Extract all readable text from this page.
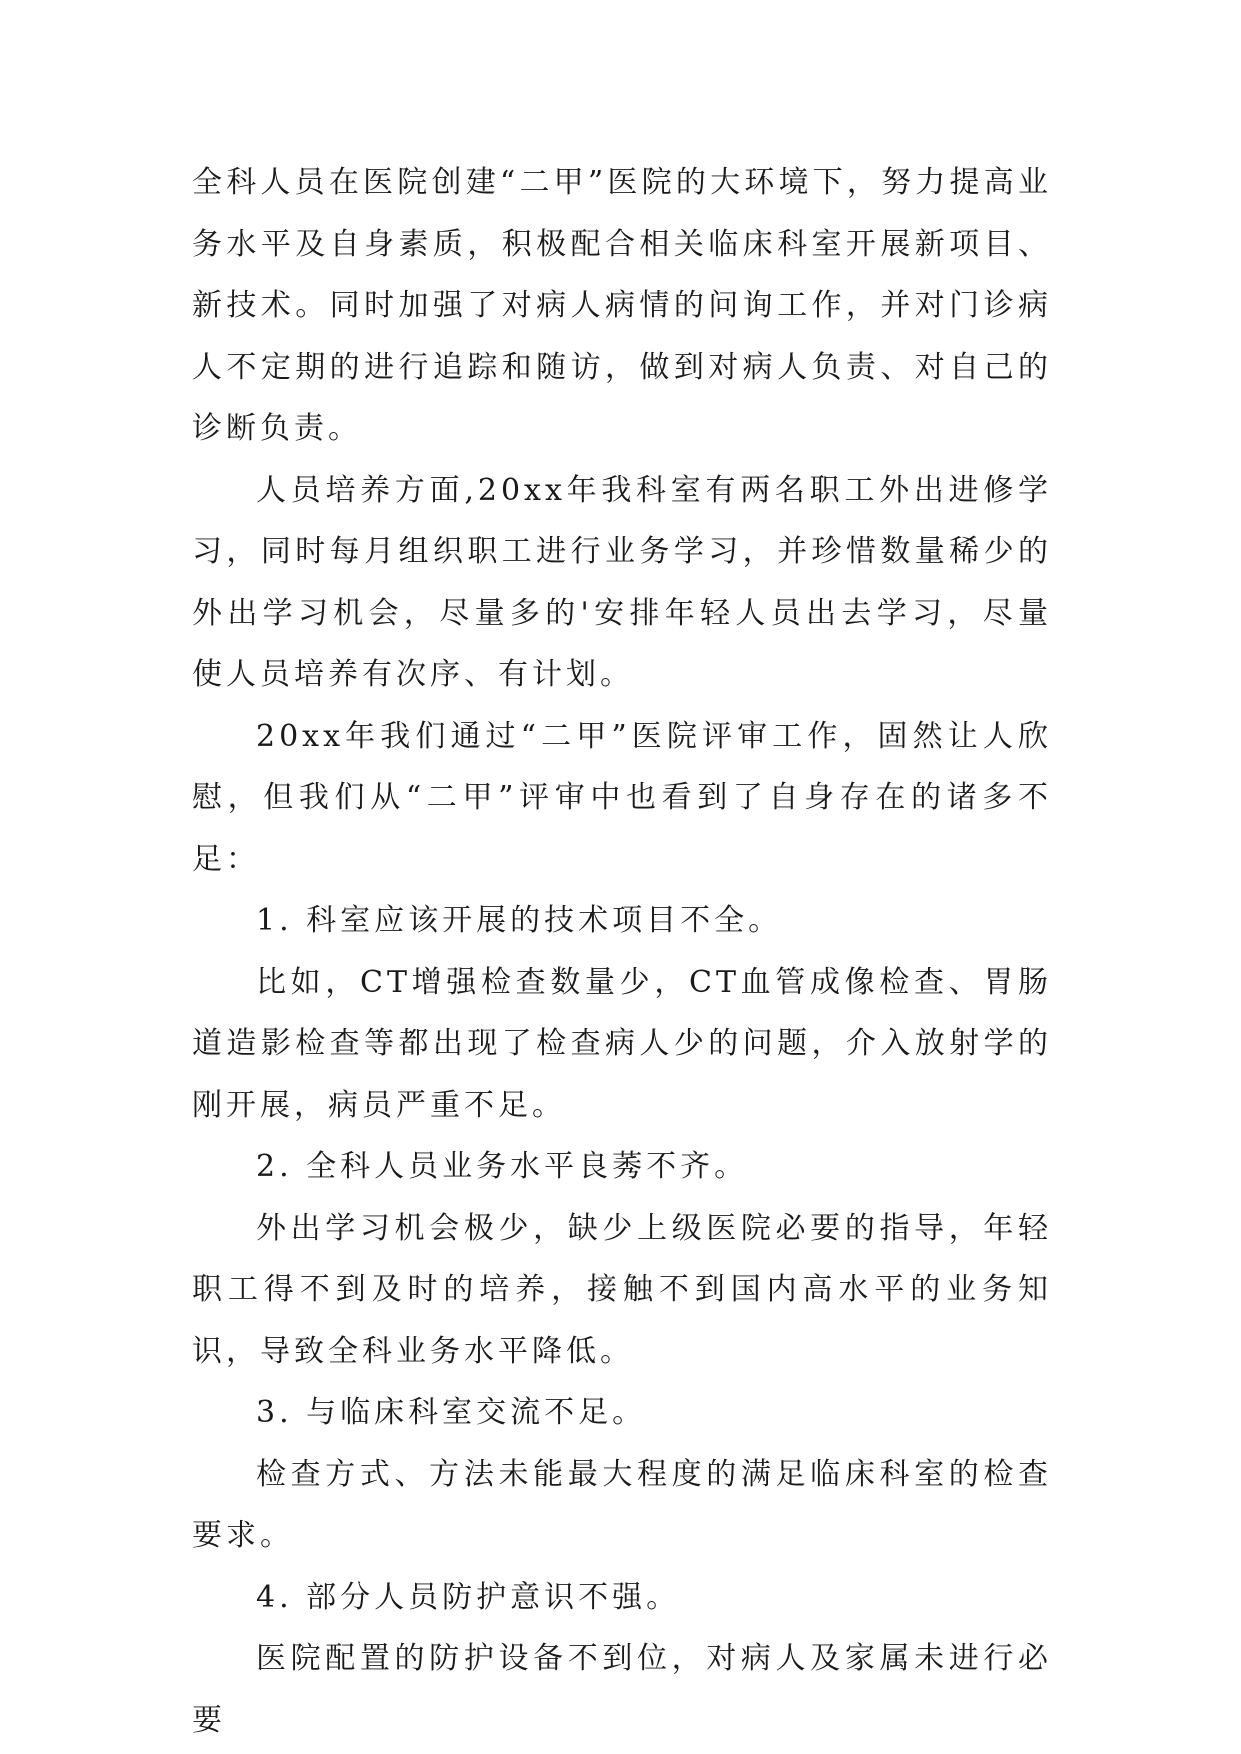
全科人员在医院创建“二甲”医院的大环境下，努力提高业务水平及自身素质，积极配合相关临床科室开展新项目、新技术。同时加强了对病人病情的问询工作，并对门诊病人不定期的进行追踪和随访，做到对病人负责、对自己的诊断负责。

人员培养方面,20xx年我科室有两名职工外出进修学习，同时每月组织职工进行业务学习，并珍惜数量稀少的外出学习机会，尽量多的'安排年轻人员出去学习，尽量使人员培养有次序、有计划。

20xx年我们通过“二甲”医院评审工作，固然让人欣慰，但我们从“二甲”评审中也看到了自身存在的诸多不足：

1. 科室应该开展的技术项目不全。

比如，CT增强检查数量少，CT血管成像检查、胃肠道造影检查等都出现了检查病人少的问题，介入放射学的刚开展，病员严重不足。

2. 全科人员业务水平良莠不齐。

外出学习机会极少，缺少上级医院必要的指导，年轻职工得不到及时的培养，接触不到国内高水平的业务知识，导致全科业务水平降低。

3. 与临床科室交流不足。

检查方式、方法未能最大程度的满足临床科室的检查要求。

4. 部分人员防护意识不强。

医院配置的防护设备不到位，对病人及家属未进行必要
